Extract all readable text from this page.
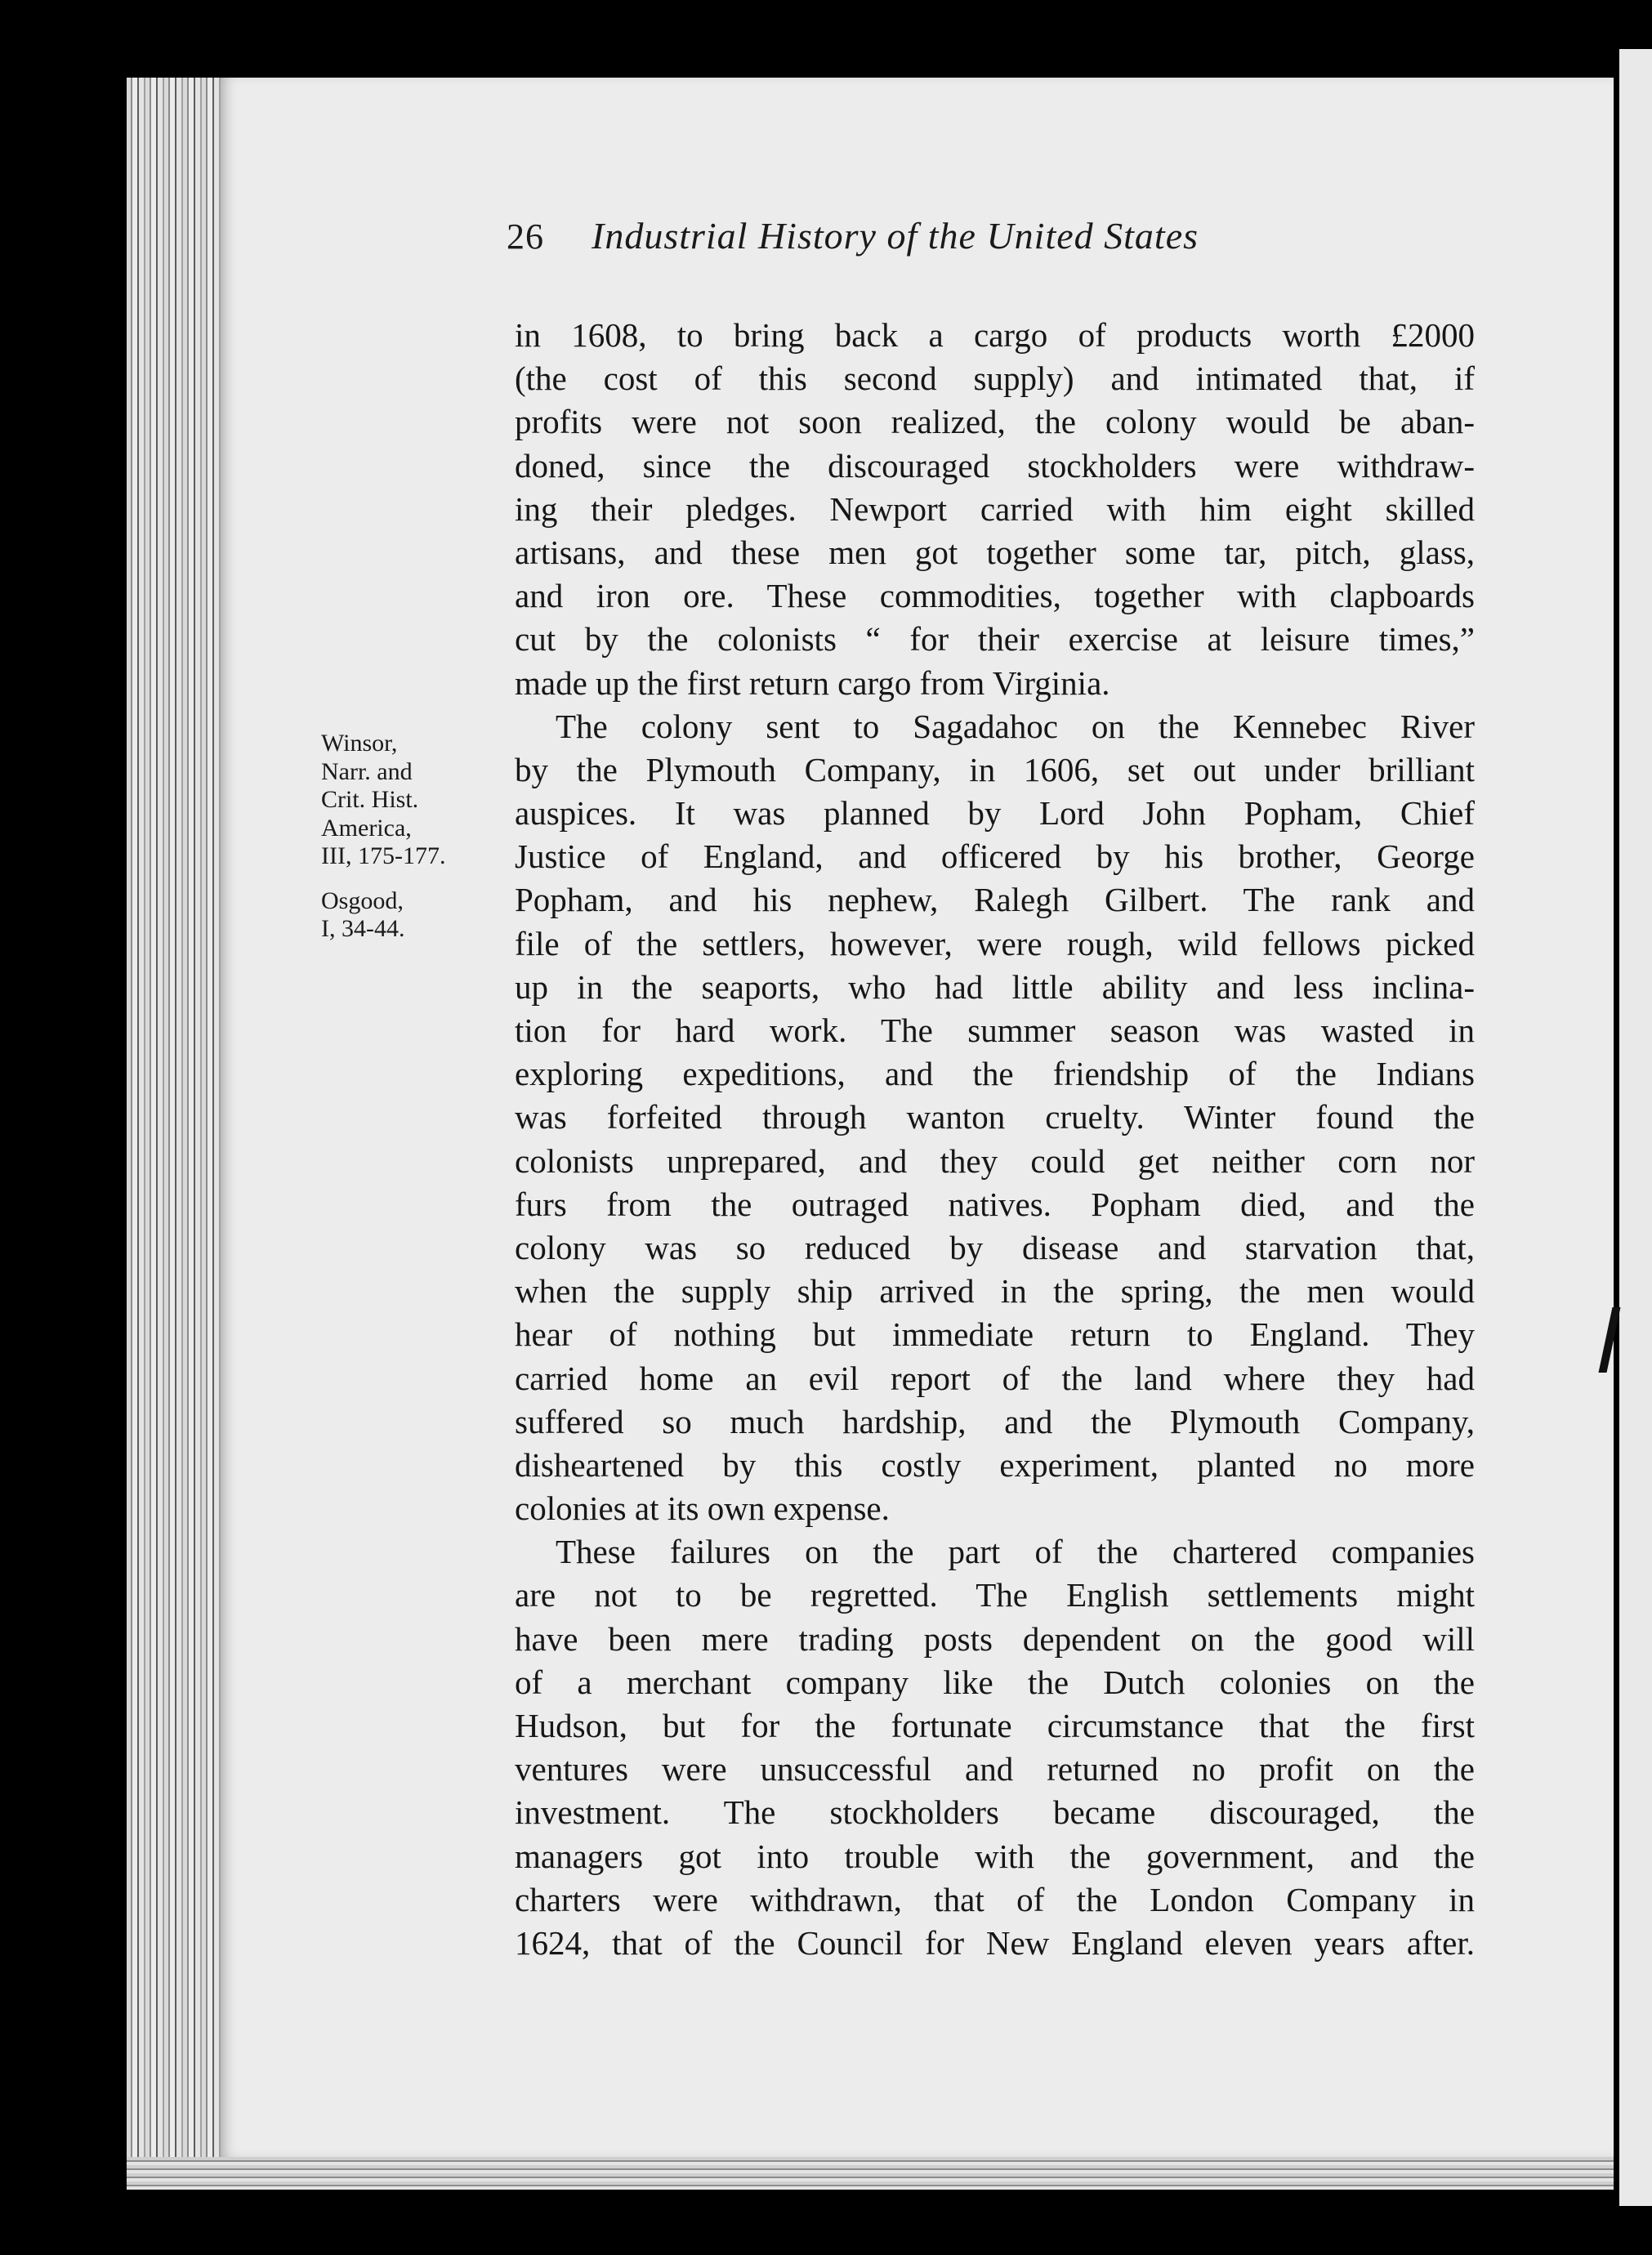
26 Industrial History of the United States
Winsor,
Narr. and
Crit. Hist.
America,
III, 175-177.
Osgood,
I, 34-44.
in 1608, to bring back a cargo of products worth £2000
(the cost of this second supply) and intimated that, if
profits were not soon realized, the colony would be aban-
doned, since the discouraged stockholders were withdraw-
ing their pledges. Newport carried with him eight skilled
artisans, and these men got together some tar, pitch, glass,
and iron ore. These commodities, together with clapboards
cut by the colonists “ for their exercise at leisure times,”
made up the first return cargo from Virginia.
The colony sent to Sagadahoc on the Kennebec River
by the Plymouth Company, in 1606, set out under brilliant
auspices. It was planned by Lord John Popham, Chief
Justice of England, and officered by his brother, George
Popham, and his nephew, Ralegh Gilbert. The rank and
file of the settlers, however, were rough, wild fellows picked
up in the seaports, who had little ability and less inclina-
tion for hard work. The summer season was wasted in
exploring expeditions, and the friendship of the Indians
was forfeited through wanton cruelty. Winter found the
colonists unprepared, and they could get neither corn nor
furs from the outraged natives. Popham died, and the
colony was so reduced by disease and starvation that,
when the supply ship arrived in the spring, the men would
hear of nothing but immediate return to England. They
carried home an evil report of the land where they had
suffered so much hardship, and the Plymouth Company,
disheartened by this costly experiment, planted no more
colonies at its own expense.
These failures on the part of the chartered companies
are not to be regretted. The English settlements might
have been mere trading posts dependent on the good will
of a merchant company like the Dutch colonies on the
Hudson, but for the fortunate circumstance that the first
ventures were unsuccessful and returned no profit on the
investment. The stockholders became discouraged, the
managers got into trouble with the government, and the
charters were withdrawn, that of the London Company in
1624, that of the Council for New England eleven years after.
